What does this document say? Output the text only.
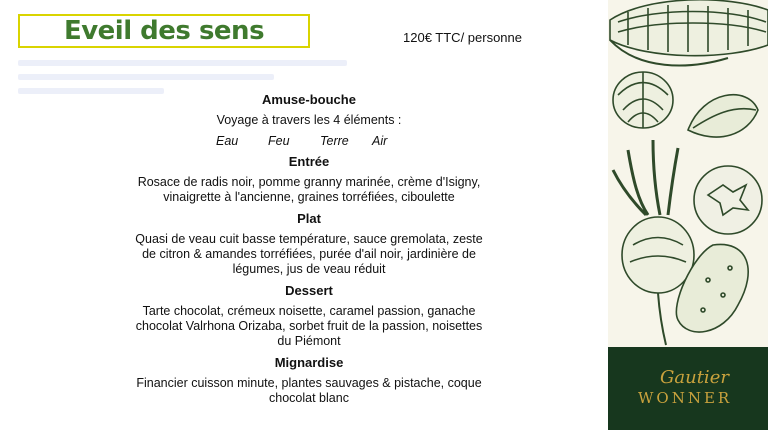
Eveil des sens	120€ TTC/ personne
Amuse-bouche
Voyage à travers les 4 éléments :
Eau	Feu	Terre Air
Entrée
Rosace de radis noir, pomme granny marinée, crème d'Isigny, vinaigrette à l'ancienne, graines torréfiées, ciboulette
Plat
Quasi de veau cuit basse température, sauce gremolata, zeste de citron & amandes torréfiées, purée d'ail noir, jardinière de légumes, jus de veau réduit
Dessert
Tarte chocolat, crémeux noisette, caramel passion, ganache chocolat Valrhona Orizaba, sorbet fruit de la passion, noisettes du Piémont
Mignardise
Financier cuisson minute, plantes sauvages & pistache, coque chocolat blanc
Gautier
WONNER
